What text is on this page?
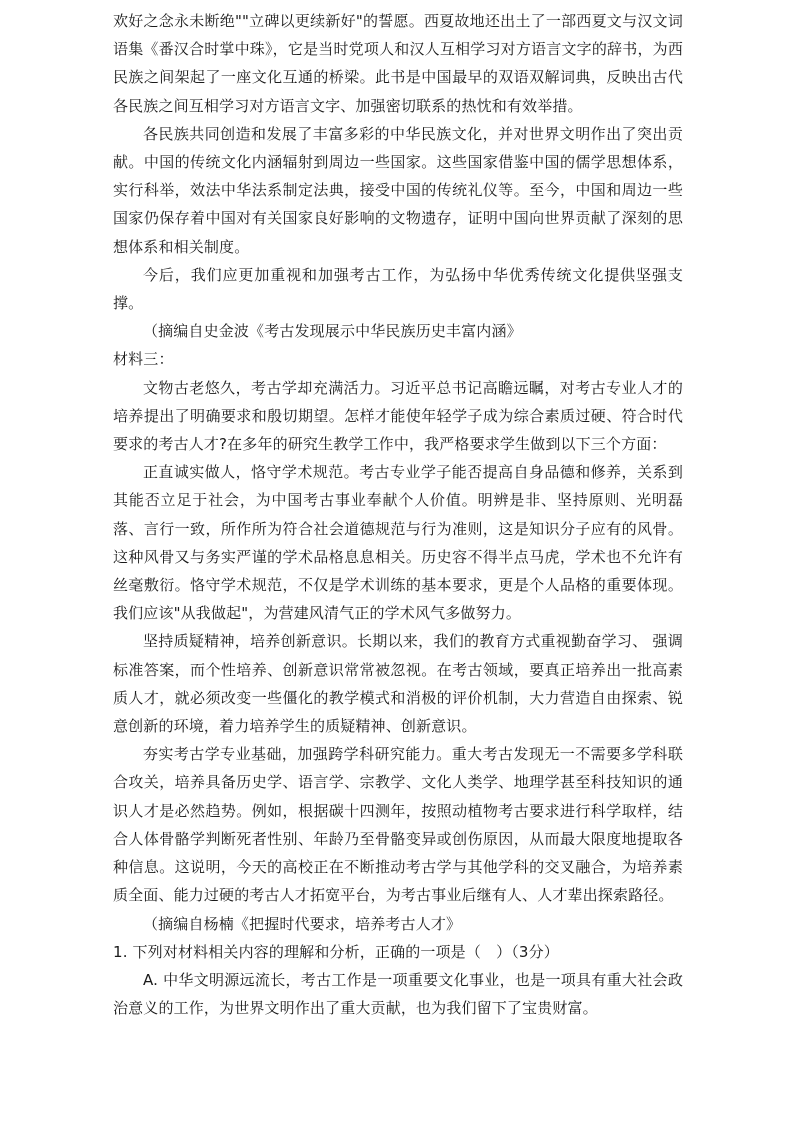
欢好之念永未断绝""立碑以更续新好"的誓愿。西夏故地还出土了一部西夏文与汉文词语集《番汉合时掌中珠》，它是当时党项人和汉人互相学习对方语言文字的辞书，为西民族之间架起了一座文化互通的桥梁。此书是中国最早的双语双解词典，反映出古代各民族之间互相学习对方语言文字、加强密切联系的热忱和有效举措。

各民族共同创造和发展了丰富多彩的中华民族文化，并对世界文明作出了突出贡献。中国的传统文化内涵辐射到周边一些国家。这些国家借鉴中国的儒学思想体系，实行科举，效法中华法系制定法典，接受中国的传统礼仪等。至今，中国和周边一些国家仍保存着中国对有关国家良好影响的文物遗存，证明中国向世界贡献了深刻的思想体系和相关制度。

今后，我们应更加重视和加强考古工作，为弘扬中华优秀传统文化提供坚强支撑。

（摘编自史金波《考古发现展示中华民族历史丰富内涵》

材料三：

文物古老悠久，考古学却充满活力。习近平总书记高瞻远瞩，对考古专业人才的培养提出了明确要求和殷切期望。怎样才能使年轻学子成为综合素质过硬、符合时代要求的考古人才?在多年的研究生教学工作中，我严格要求学生做到以下三个方面：

正直诚实做人，恪守学术规范。考古专业学子能否提高自身品德和修养，关系到其能否立足于社会，为中国考古事业奉献个人价值。明辨是非、坚持原则、光明磊落、言行一致，所作所为符合社会道德规范与行为准则，这是知识分子应有的风骨。这种风骨又与务实严谨的学术品格息息相关。历史容不得半点马虎，学术也不允许有丝毫敷衍。恪守学术规范，不仅是学术训练的基本要求，更是个人品格的重要体现。我们应该"从我做起"，为营建风清气正的学术风气多做努力。

坚持质疑精神，培养创新意识。长期以来，我们的教育方式重视勤奋学习、 强调标准答案，而个性培养、创新意识常常被忽视。在考古领域，要真正培养出一批高素质人才，就必须改变一些僵化的教学模式和消极的评价机制，大力营造自由探索、锐意创新的环境，着力培养学生的质疑精神、创新意识。

夯实考古学专业基础，加强跨学科研究能力。重大考古发现无一不需要多学科联合攻关，培养具备历史学、语言学、宗教学、文化人类学、地理学甚至科技知识的通识人才是必然趋势。例如，根据碳十四测年，按照动植物考古要求进行科学取样，结合人体骨骼学判断死者性别、年龄乃至骨骼变异或创伤原因，从而最大限度地提取各种信息。这说明，今天的高校正在不断推动考古学与其他学科的交叉融合，为培养素质全面、能力过硬的考古人才拓宽平台，为考古事业后继有人、人才辈出探索路径。

（摘编自杨楠《把握时代要求，培养考古人才》

1. 下列对材料相关内容的理解和分析，正确的一项是（　）（3分）

A. 中华文明源远流长，考古工作是一项重要文化事业，也是一项具有重大社会政治意义的工作，为世界文明作出了重大贡献，也为我们留下了宝贵财富。
